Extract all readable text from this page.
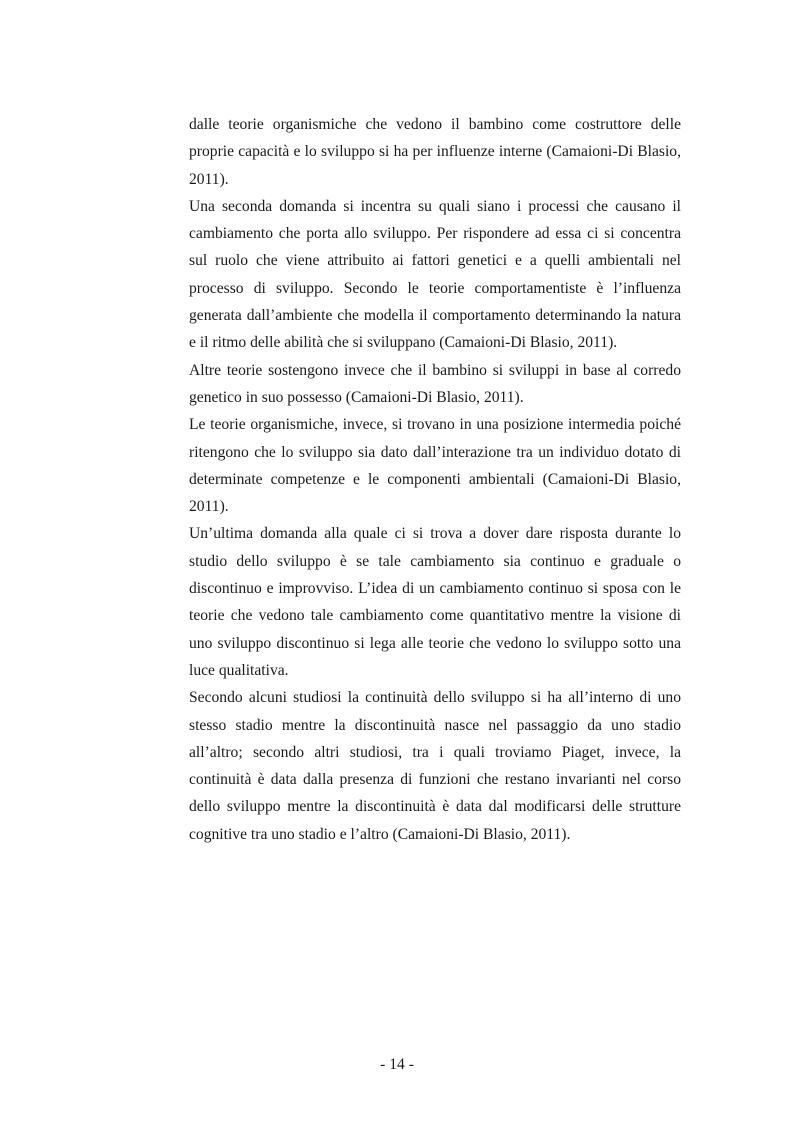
dalle teorie organismiche che vedono il bambino come costruttore delle proprie capacità e lo sviluppo si ha per influenze interne (Camaioni-Di Blasio, 2011).

Una seconda domanda si incentra su quali siano i processi che causano il cambiamento che porta allo sviluppo. Per rispondere ad essa ci si concentra sul ruolo che viene attribuito ai fattori genetici e a quelli ambientali nel processo di sviluppo. Secondo le teorie comportamentiste è l’influenza generata dall’ambiente che modella il comportamento determinando la natura e il ritmo delle abilità che si sviluppano (Camaioni-Di Blasio, 2011).

Altre teorie sostengono invece che il bambino si sviluppi in base al corredo genetico in suo possesso (Camaioni-Di Blasio, 2011).

Le teorie organismiche, invece, si trovano in una posizione intermedia poiché ritengono che lo sviluppo sia dato dall’interazione tra un individuo dotato di determinate competenze e le componenti ambientali (Camaioni-Di Blasio, 2011).

Un’ultima domanda alla quale ci si trova a dover dare risposta durante lo studio dello sviluppo è se tale cambiamento sia continuo e graduale o discontinuo e improvviso. L’idea di un cambiamento continuo si sposa con le teorie che vedono tale cambiamento come quantitativo mentre la visione di uno sviluppo discontinuo si lega alle teorie che vedono lo sviluppo sotto una luce qualitativa.

Secondo alcuni studiosi la continuità dello sviluppo si ha all’interno di uno stesso stadio mentre la discontinuità nasce nel passaggio da uno stadio all’altro; secondo altri studiosi, tra i quali troviamo Piaget, invece, la continuità è data dalla presenza di funzioni che restano invarianti nel corso dello sviluppo mentre la discontinuità è data dal modificarsi delle strutture cognitive tra uno stadio e l’altro (Camaioni-Di Blasio, 2011).

- 14 -
